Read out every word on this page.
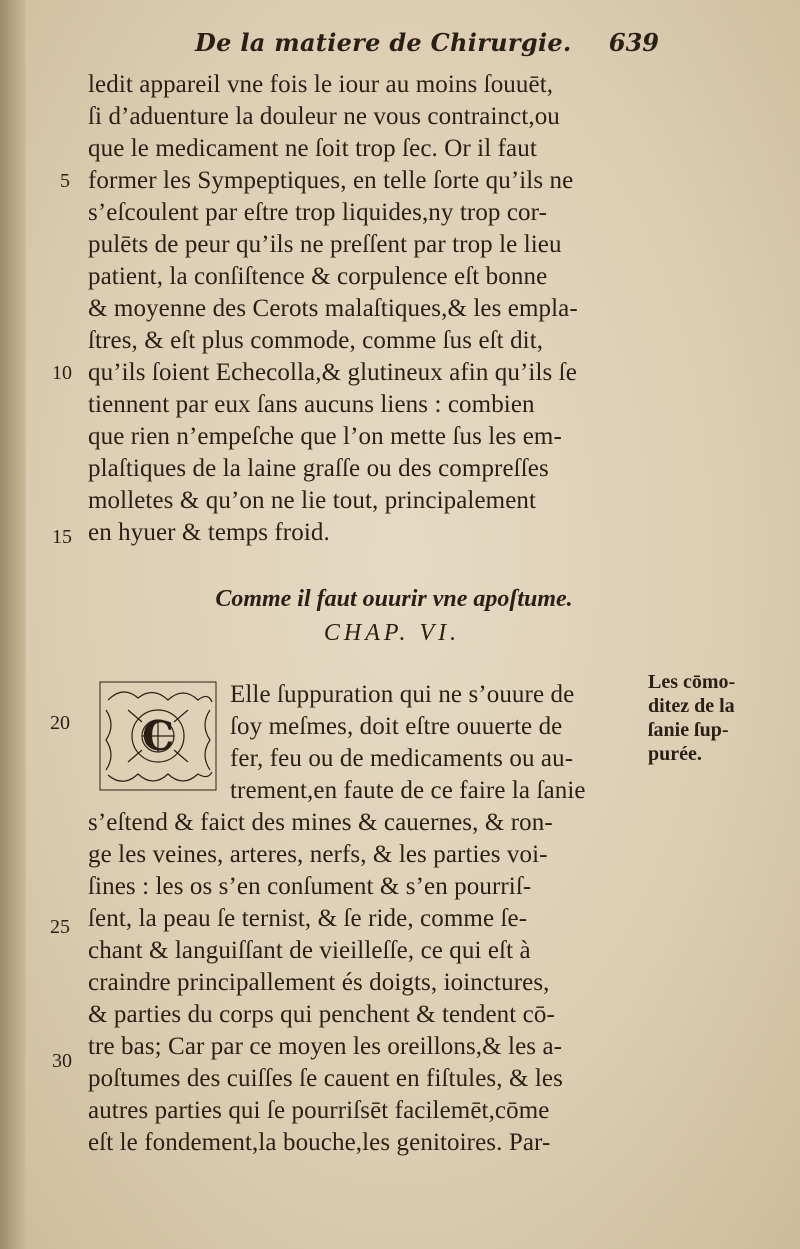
De la matiere de Chirurgie. 639
ledit appareil vne fois le iour au moins ſouuēt,
ſi d’aduenture la douleur ne vous contrainct,ou
que le medicament ne ſoit trop ſec. Or il faut
former les Sympeptiques, en telle ſorte qu’ils ne
s’eſcoulent par eſtre trop liquides,ny trop cor-
pulēts de peur qu’ils ne preſſent par trop le lieu
patient, la conſiſtence & corpulence eſt bonne
& moyenne des Cerots malaſtiques,& les empla-
ſtres, & eſt plus commode, comme ſus eſt dit,
qu’ils ſoient Echecolla,& glutineux afin qu’ils ſe
tiennent par eux ſans aucuns liens : combien
que rien n’empeſche que l’on mette ſus les em-
plaſtiques de la laine graſſe ou des compreſſes
molletes & qu’on ne lie tout, principalement
en hyuer & temps froid.
5
10
15
Comme il faut ouurir vne apoſtume.
CHAP. VI.
C
Elle ſuppuration qui ne s’ouure de
ſoy meſmes, doit eſtre ouuerte de
fer, feu ou de medicaments ou au-
trement,en faute de ce faire la ſanie
s’eſtend & faict des mines & cauernes, & ron-
ge les veines, arteres, nerfs, & les parties voi-
ſines : les os s’en conſument & s’en pourriſ-
ſent, la peau ſe ternist, & ſe ride, comme ſe-
chant & languiſſant de vieilleſſe, ce qui eſt à
craindre principallement és doigts, ioinctures,
& parties du corps qui penchent & tendent cō-
tre bas; Car par ce moyen les oreillons,& les a-
poſtumes des cuiſſes ſe cauent en fiſtules, & les
autres parties qui ſe pourriſsēt facilemēt,cōme
eſt le fondement,la bouche,les genitoires. Par-
20
25
30
Les cōmo-
ditez de la
ſanie ſup-
purée.
